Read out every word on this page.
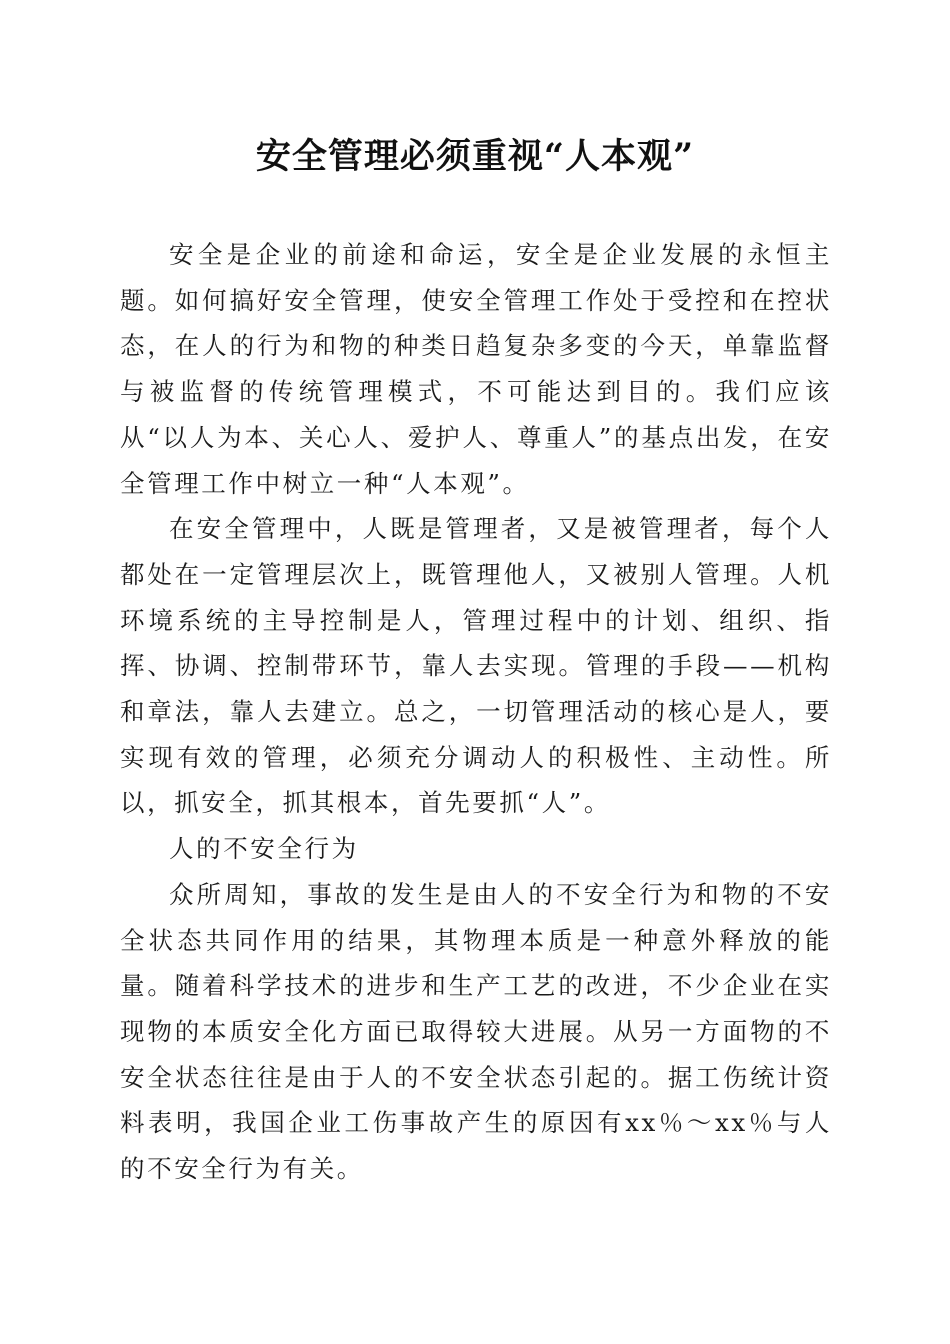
安全管理必须重视“人本观”

安全是企业的前途和命运，安全是企业发展的永恒主题。如何搞好安全管理，使安全管理工作处于受控和在控状态，在人的行为和物的种类日趋复杂多变的今天，单靠监督与被监督的传统管理模式，不可能达到目的。我们应该从“以人为本、关心人、爱护人、尊重人”的基点出发，在安全管理工作中树立一种“人本观”。

在安全管理中，人既是管理者，又是被管理者，每个人都处在一定管理层次上，既管理他人，又被别人管理。人机环境系统的主导控制是人，管理过程中的计划、组织、指挥、协调、控制带环节，靠人去实现。管理的手段——机构和章法，靠人去建立。总之，一切管理活动的核心是人，要实现有效的管理，必须充分调动人的积极性、主动性。所以，抓安全，抓其根本，首先要抓“人”。

人的不安全行为

众所周知，事故的发生是由人的不安全行为和物的不安全状态共同作用的结果，其物理本质是一种意外释放的能量。随着科学技术的进步和生产工艺的改进，不少企业在实现物的本质安全化方面已取得较大进展。从另一方面物的不安全状态往往是由于人的不安全状态引起的。据工伤统计资料表明，我国企业工伤事故产生的原因有xx％～xx％与人的不安全行为有关。
